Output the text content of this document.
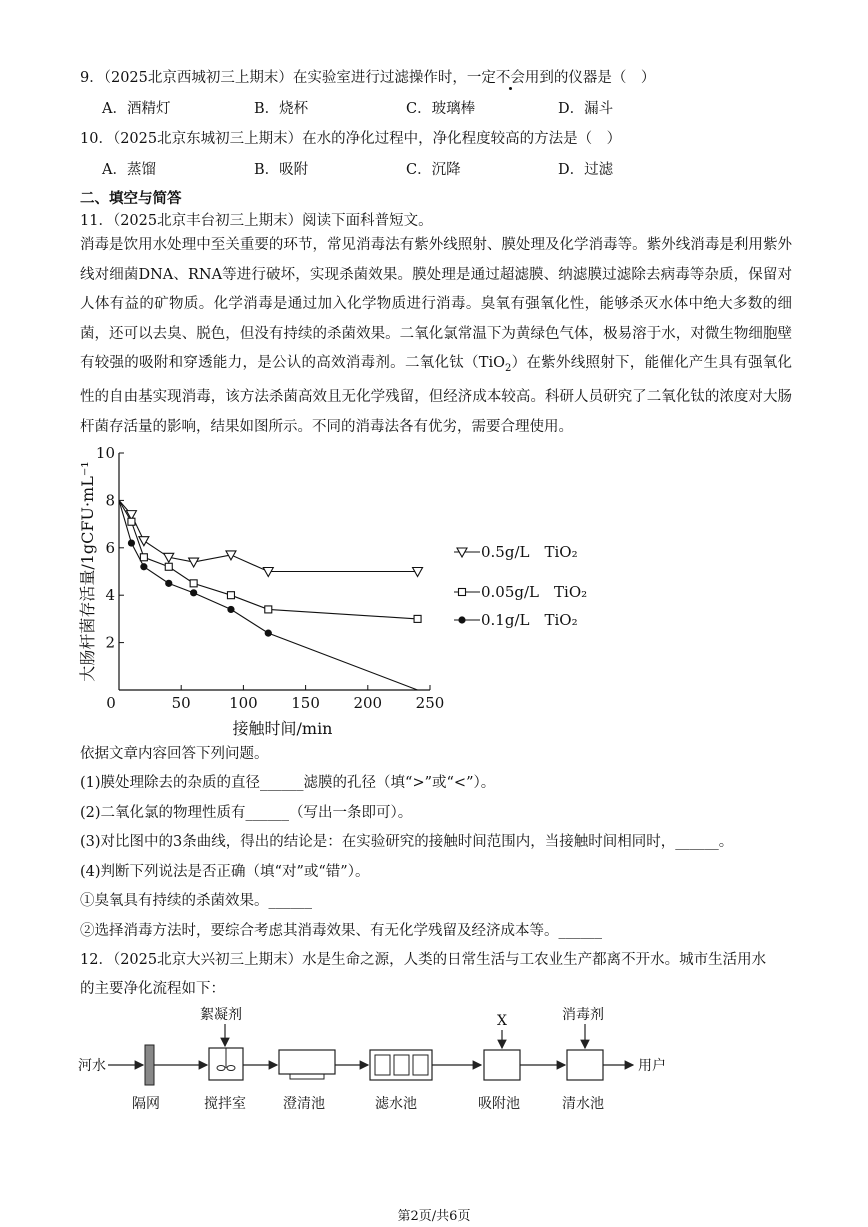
9．（2025北京西城初三上期末）在实验室进行过滤操作时，一定不会用到的仪器是（　）
A．酒精灯	B．烧杯	C．玻璃棒	D．漏斗
10．（2025北京东城初三上期末）在水的净化过程中，净化程度较高的方法是（　）
A．蒸馏	B．吸附	C．沉降	D．过滤
二、填空与简答
11．（2025北京丰台初三上期末）阅读下面科普短文。
消毒是饮用水处理中至关重要的环节，常见消毒法有紫外线照射、膜处理及化学消毒等。紫外线消毒是利用紫外线对细菌DNA、RNA等进行破坏，实现杀菌效果。膜处理是通过超滤膜、纳滤膜过滤除去病毒等杂质，保留对人体有益的矿物质。化学消毒是通过加入化学物质进行消毒。臭氧有强氧化性，能够杀灭水体中绝大多数的细菌，还可以去臭、脱色，但没有持续的杀菌效果。二氧化氯常温下为黄绿色气体，极易溶于水，对微生物细胞壁有较强的吸附和穿透能力，是公认的高效消毒剂。二氧化钛（TiO$_2$）在紫外线照射下，能催化产生具有强氧化性的自由基实现消毒，该方法杀菌高效且无化学残留，但经济成本较高。科研人员研究了二氧化钛的浓度对大肠杆菌存活量的影响，结果如图所示。不同的消毒法各有优劣，需要合理使用。
2
4
6
8
10
0	50	100 150 200 250
接触时间/min
大肠杆菌存活量/1gCFU·mL⁻¹	0.5g/L　TiO₂
0.05g/L　TiO₂
0.1g/L　TiO₂
依据文章内容回答下列问题。
(1)膜处理除去的杂质的直径______滤膜的孔径（填“>”或“<”）。
(2)二氧化氯的物理性质有______（写出一条即可）。
(3)对比图中的3条曲线，得出的结论是：在实验研究的接触时间范围内，当接触时间相同时，______。
(4)判断下列说法是否正确（填“对”或“错”）。
①臭氧具有持续的杀菌效果。______
②选择消毒方法时，要综合考虑其消毒效果、有无化学残留及经济成本等。______
12．（2025北京大兴初三上期末）水是生命之源，人类的日常生活与工农业生产都离不开水。城市生活用水
的主要净化流程如下：
河水
絮凝剂	X	消毒剂
用户
隔网	搅拌室	澄清池	滤水池	吸附池	清水池
第2页/共6页
